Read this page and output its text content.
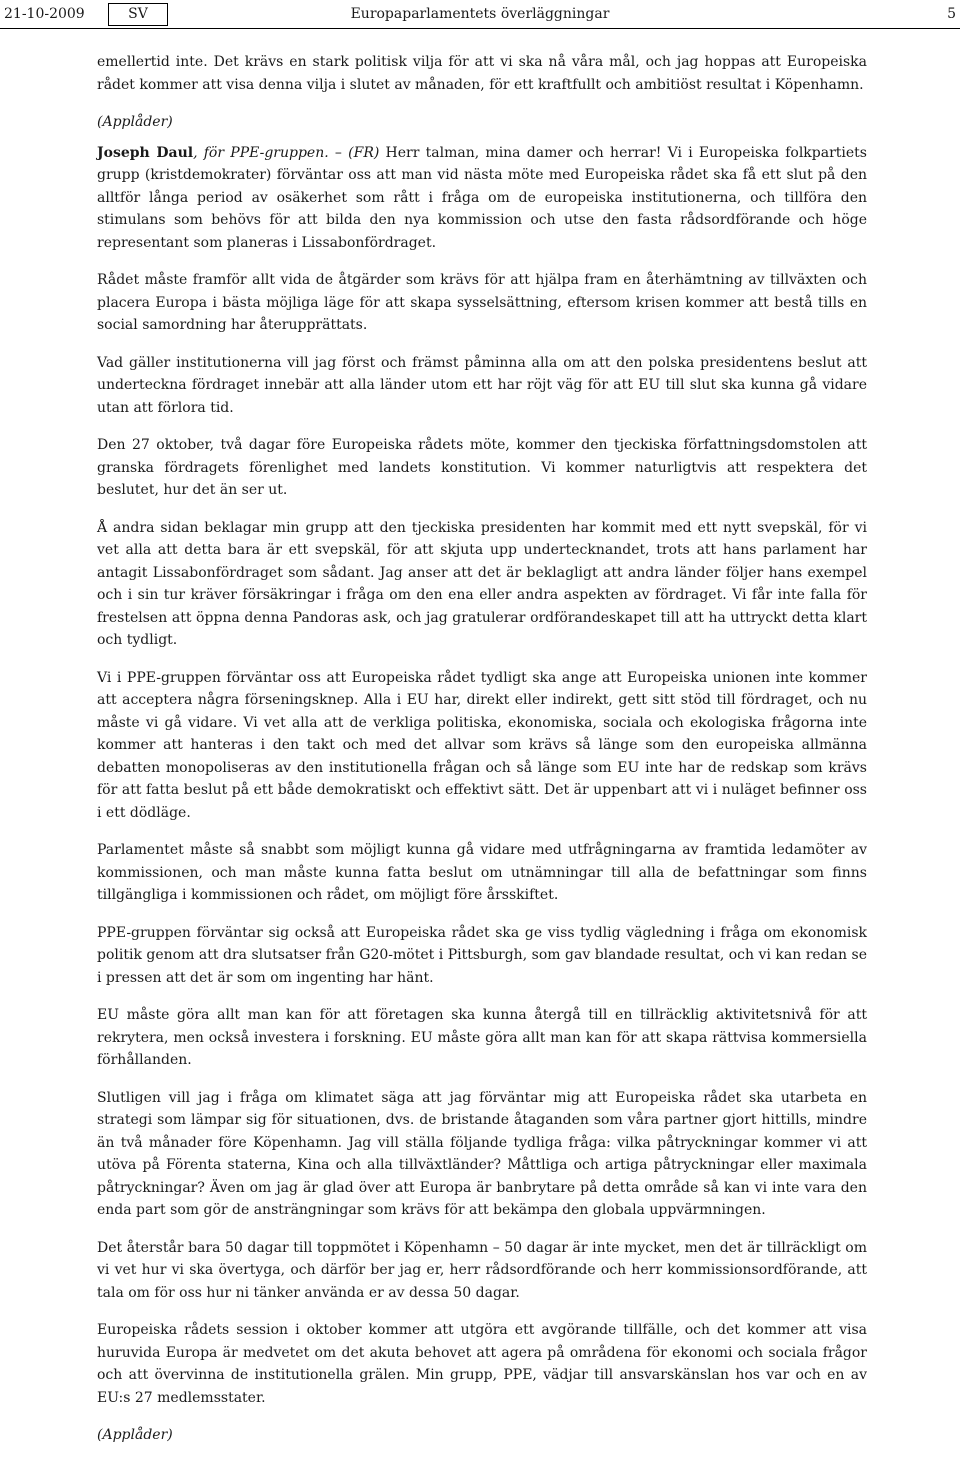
21-10-2009	SV	Europaparlamentets överläggningar	5

emellertid inte. Det krävs en stark politisk vilja för att vi ska nå våra mål, och jag hoppas att Europeiska rådet kommer att visa denna vilja i slutet av månaden, för ett kraftfullt och ambitiöst resultat i Köpenhamn.

(Applåder)

Joseph Daul, för PPE-gruppen. – (FR) Herr talman, mina damer och herrar! Vi i Europeiska folkpartiets grupp (kristdemokrater) förväntar oss att man vid nästa möte med Europeiska rådet ska få ett slut på den alltför långa period av osäkerhet som rått i fråga om de europeiska institutionerna, och tillföra den stimulans som behövs för att bilda den nya kommission och utse den fasta rådsordförande och höge representant som planeras i Lissabonfördraget.

Rådet måste framför allt vida de åtgärder som krävs för att hjälpa fram en återhämtning av tillväxten och placera Europa i bästa möjliga läge för att skapa sysselsättning, eftersom krisen kommer att bestå tills en social samordning har återupprättats.

Vad gäller institutionerna vill jag först och främst påminna alla om att den polska presidentens beslut att underteckna fördraget innebär att alla länder utom ett har röjt väg för att EU till slut ska kunna gå vidare utan att förlora tid.

Den 27 oktober, två dagar före Europeiska rådets möte, kommer den tjeckiska författningsdomstolen att granska fördragets förenlighet med landets konstitution. Vi kommer naturligtvis att respektera det beslutet, hur det än ser ut.

Å andra sidan beklagar min grupp att den tjeckiska presidenten har kommit med ett nytt svepskäl, för vi vet alla att detta bara är ett svepskäl, för att skjuta upp undertecknandet, trots att hans parlament har antagit Lissabonfördraget som sådant. Jag anser att det är beklagligt att andra länder följer hans exempel och i sin tur kräver försäkringar i fråga om den ena eller andra aspekten av fördraget. Vi får inte falla för frestelsen att öppna denna Pandoras ask, och jag gratulerar ordförandeskapet till att ha uttryckt detta klart och tydligt.

Vi i PPE-gruppen förväntar oss att Europeiska rådet tydligt ska ange att Europeiska unionen inte kommer att acceptera några förseningsknep. Alla i EU har, direkt eller indirekt, gett sitt stöd till fördraget, och nu måste vi gå vidare. Vi vet alla att de verkliga politiska, ekonomiska, sociala och ekologiska frågorna inte kommer att hanteras i den takt och med det allvar som krävs så länge som den europeiska allmänna debatten monopoliseras av den institutionella frågan och så länge som EU inte har de redskap som krävs för att fatta beslut på ett både demokratiskt och effektivt sätt. Det är uppenbart att vi i nuläget befinner oss i ett dödläge.

Parlamentet måste så snabbt som möjligt kunna gå vidare med utfrågningarna av framtida ledamöter av kommissionen, och man måste kunna fatta beslut om utnämningar till alla de befattningar som finns tillgängliga i kommissionen och rådet, om möjligt före årsskiftet.

PPE-gruppen förväntar sig också att Europeiska rådet ska ge viss tydlig vägledning i fråga om ekonomisk politik genom att dra slutsatser från G20-mötet i Pittsburgh, som gav blandade resultat, och vi kan redan se i pressen att det är som om ingenting har hänt.

EU måste göra allt man kan för att företagen ska kunna återgå till en tillräcklig aktivitetsnivå för att rekrytera, men också investera i forskning. EU måste göra allt man kan för att skapa rättvisa kommersiella förhållanden.

Slutligen vill jag i fråga om klimatet säga att jag förväntar mig att Europeiska rådet ska utarbeta en strategi som lämpar sig för situationen, dvs. de bristande åtaganden som våra partner gjort hittills, mindre än två månader före Köpenhamn. Jag vill ställa följande tydliga fråga: vilka påtryckningar kommer vi att utöva på Förenta staterna, Kina och alla tillväxtländer? Måttliga och artiga påtryckningar eller maximala påtryckningar? Även om jag är glad över att Europa är banbrytare på detta område så kan vi inte vara den enda part som gör de ansträngningar som krävs för att bekämpa den globala uppvärmningen.

Det återstår bara 50 dagar till toppmötet i Köpenhamn – 50 dagar är inte mycket, men det är tillräckligt om vi vet hur vi ska övertyga, och därför ber jag er, herr rådsordförande och herr kommissionsordförande, att tala om för oss hur ni tänker använda er av dessa 50 dagar.

Europeiska rådets session i oktober kommer att utgöra ett avgörande tillfälle, och det kommer att visa huruvida Europa är medvetet om det akuta behovet att agera på områdena för ekonomi och sociala frågor och att övervinna de institutionella grälen. Min grupp, PPE, vädjar till ansvarskänslan hos var och en av EU:s 27 medlemsstater.

(Applåder)
